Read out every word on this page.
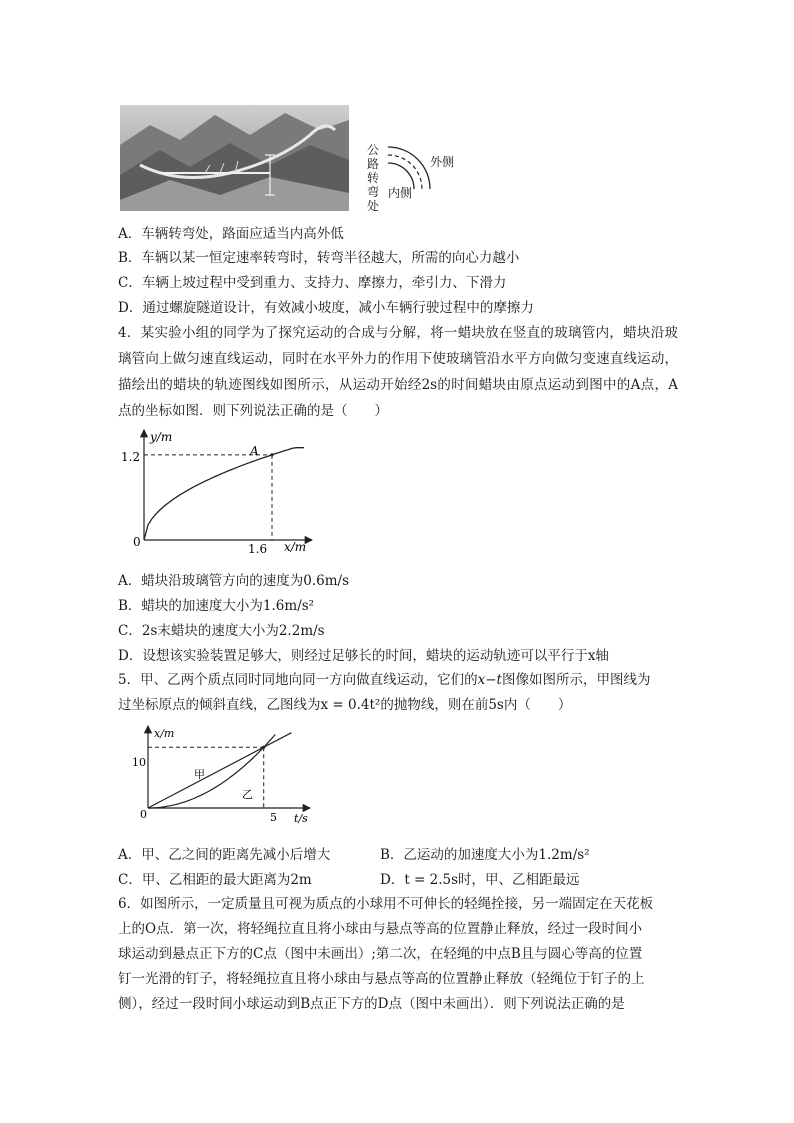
公
路
转
弯
处
外侧
内侧
A．车辆转弯处，路面应适当内高外低
B．车辆以某一恒定速率转弯时，转弯半径越大，所需的向心力越小
C．车辆上坡过程中受到重力、支持力、摩擦力，牵引力、下滑力
D．通过螺旋隧道设计，有效减小坡度，减小车辆行驶过程中的摩擦力
4．某实验小组的同学为了探究运动的合成与分解，将一蜡块放在竖直的玻璃管内，蜡块沿玻璃管向上做匀速直线运动，同时在水平外力的作用下使玻璃管沿水平方向做匀变速直线运动，描绘出的蜡块的轨迹图线如图所示，从运动开始经2s的时间蜡块由原点运动到图中的A点，A点的坐标如图．则下列说法正确的是（　　）
y/m
x/m
0
1.2
1.6
A
A．蜡块沿玻璃管方向的速度为0.6m/s
B．蜡块的加速度大小为1.6m/s²
C．2s末蜡块的速度大小为2.2m/s
D．设想该实验装置足够大，则经过足够长的时间，蜡块的运动轨迹可以平行于x轴
5．甲、乙两个质点同时同地向同一方向做直线运动，它们的x−t图像如图所示，甲图线为
过坐标原点的倾斜直线，乙图线为x = 0.4t²的抛物线，则在前5s内（　　）
x/m
t/s
0
10
5
甲
乙
A．甲、乙之间的距离先减小后增大	B．乙运动的加速度大小为1.2m/s²
C．甲、乙相距的最大距离为2m	D．t = 2.5s时，甲、乙相距最远
6．如图所示，一定质量且可视为质点的小球用不可伸长的轻绳拴接，另一端固定在天花板
上的O点．第一次，将轻绳拉直且将小球由与悬点等高的位置静止释放，经过一段时间小
球运动到悬点正下方的C点（图中未画出）;第二次，在轻绳的中点B且与圆心等高的位置
钉一光滑的钉子，将轻绳拉直且将小球由与悬点等高的位置静止释放（轻绳位于钉子的上
侧），经过一段时间小球运动到B点正下方的D点（图中未画出）．则下列说法正确的是
